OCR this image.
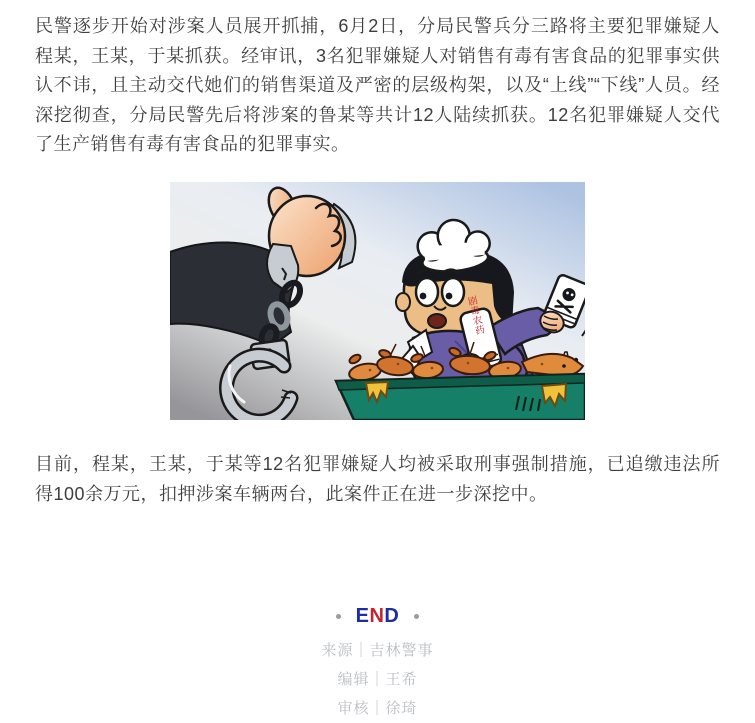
民警逐步开始对涉案人员展开抓捕，6月2日，分局民警兵分三路将主要犯罪嫌疑人程某，王某，于某抓获。经审讯，3名犯罪嫌疑人对销售有毒有害食品的犯罪事实供认不讳，且主动交代她们的销售渠道及严密的层级构架，以及“上线”“下线”人员。经深挖彻查，分局民警先后将涉案的鲁某等共计12人陆续抓获。12名犯罪嫌疑人交代了生产销售有毒有害食品的犯罪事实。

剧毒农药

目前，程某，王某，于某等12名犯罪嫌疑人均被采取刑事强制措施，已追缴违法所得100余万元，扣押涉案车辆两台，此案件正在进一步深挖中。

END
来源｜吉林警事
编辑｜王希
审核｜徐琦
